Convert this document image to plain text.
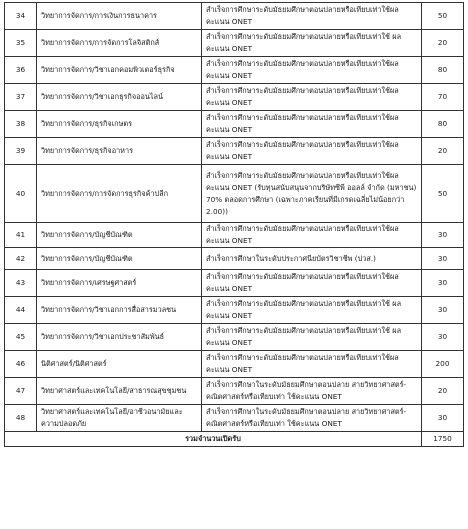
34	วิทยาการจัดการ/การเงินการธนาคาร	สำเร็จการศึกษาระดับมัธยมศึกษาตอนปลายหรือเทียบเท่าใช้ผลคะแนน ONET	50
35	วิทยาการจัดการ/การจัดการโลจิสติกส์	สำเร็จการศึกษาระดับมัธยมศึกษาตอนปลายหรือเทียบเท่าใช้ ผลคะแนน ONET	20
36	วิทยาการจัดการ/วิชาเอกคอมพิวเตอร์ธุรกิจ	สำเร็จการศึกษาระดับมัธยมศึกษาตอนปลายหรือเทียบเท่าใช้ผลคะแนน ONET	80
37	วิทยาการจัดการ/วิชาเอกธุรกิจออนไลน์	สำเร็จการศึกษาระดับมัธยมศึกษาตอนปลายหรือเทียบเท่าใช้ผลคะแนน ONET	70
38	วิทยาการจัดการ/ธุรกิจเกษตร	สำเร็จการศึกษาระดับมัธยมศึกษาตอนปลายหรือเทียบเท่าใช้ผลคะแนน ONET	80
39	วิทยาการจัดการ/ธุรกิจอาหาร	สำเร็จการศึกษาระดับมัธยมศึกษาตอนปลายหรือเทียบเท่าใช้ผลคะแนน ONET	20
40	วิทยาการจัดการ/การจัดการธุรกิจค้าปลีก	สำเร็จการศึกษาระดับมัธยมศึกษาตอนปลายหรือเทียบเท่าใช้ผลคะแนน ONET (รับทุนสนับสนุนจากบริษัทซีพี ออลล์ จำกัด (มหาชน) 70% ตลอดการศึกษา (เฉพาะภาคเรียนที่มีเกรดเฉลี่ยไม่น้อยกว่า 2.00))	50
41	วิทยาการจัดการ/บัญชีบัณฑิต	สำเร็จการศึกษาระดับมัธยมศึกษาตอนปลายหรือเทียบเท่าใช้ผลคะแนน ONET	30
42	วิทยาการจัดการ/บัญชีบัณฑิต	สำเร็จการศึกษาในระดับประกาศนียบัตรวิชาชีพ (ปวส.)	30
43	วิทยาการจัดการ/เศรษฐศาสตร์	สำเร็จการศึกษาระดับมัธยมศึกษาตอนปลายหรือเทียบเท่าใช้ผลคะแนน ONET	30
44	วิทยาการจัดการ/วิชาเอกการสื่อสารมวลชน	สำเร็จการศึกษาระดับมัธยมศึกษาตอนปลายหรือเทียบเท่าใช้ ผลคะแนน ONET	30
45	วิทยาการจัดการ/วิชาเอกประชาสัมพันธ์	สำเร็จการศึกษาระดับมัธยมศึกษาตอนปลายหรือเทียบเท่าใช้ ผลคะแนน ONET	30
46	นิติศาสตร์/นิติศาสตร์	สำเร็จการศึกษาระดับมัธยมศึกษาตอนปลายหรือเทียบเท่าใช้ผลคะแนน ONET	200
47	วิทยาศาสตร์และเทคโนโลยี/สาธารณสุขชุมชน	สำเร็จการศึกษาในระดับมัธยมศึกษาตอนปลาย สายวิทยาศาสตร์-คณิตศาสตร์หรือเทียบเท่า ใช้คะแนน ONET	20
48	วิทยาศาสตร์และเทคโนโลยี/อาชีวอนามัยและความปลอดภัย	สำเร็จการศึกษาในระดับมัธยมศึกษาตอนปลาย สายวิทยาศาสตร์-คณิตศาสตร์หรือเทียบเท่า ใช้คะแนน ONET	30
รวมจำนวนเปิดรับ			1750
